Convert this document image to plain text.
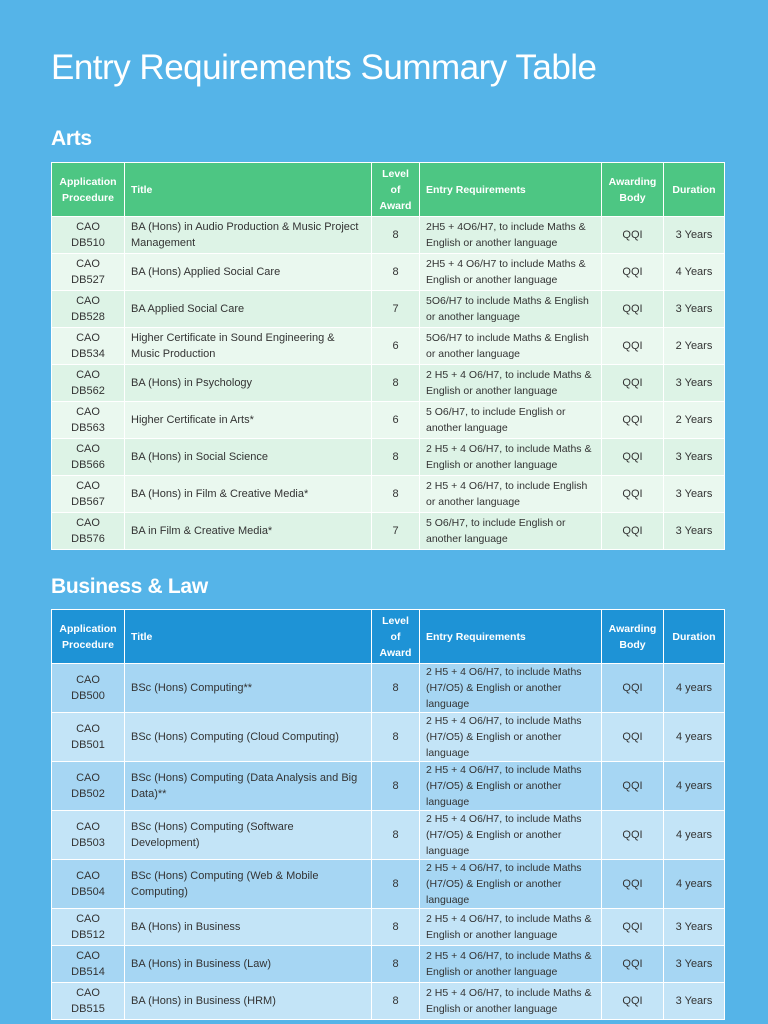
Entry Requirements Summary Table
Arts
Application Procedure	Title	Level of Award	Entry Requirements	Awarding Body	Duration
CAO DB510	BA (Hons) in Audio Production & Music Project Management	8	2H5 + 4O6/H7, to include Maths & English or another language	QQI	3 Years
CAO DB527	BA (Hons) Applied Social Care	8	2H5 + 4 O6/H7 to include Maths & English or another language	QQI	4 Years
CAO DB528	BA Applied Social Care	7	5O6/H7 to include Maths & English or another language	QQI	3 Years
CAO DB534	Higher Certificate in Sound Engineering & Music Production	6	5O6/H7 to include Maths & English or another language	QQI	2 Years
CAO DB562	BA (Hons) in Psychology	8	2 H5 + 4 O6/H7, to include Maths & English or another language	QQI	3 Years
CAO DB563	Higher Certificate in Arts*	6	5 O6/H7, to include English or another language	QQI	2 Years
CAO DB566	BA (Hons) in Social Science	8	2 H5 + 4 O6/H7, to include Maths & English or another language	QQI	3 Years
CAO DB567	BA (Hons) in Film & Creative Media*	8	2 H5 + 4 O6/H7, to include English or another language	QQI	3 Years
CAO DB576	BA in Film & Creative Media*	7	5 O6/H7, to include English or another language	QQI	3 Years
Business & Law
Application Procedure	Title	Level of Award	Entry Requirements	Awarding Body	Duration
CAO DB500	BSc (Hons) Computing**	8	2 H5 + 4 O6/H7, to include Maths (H7/O5) & English or another language	QQI	4 years
CAO DB501	BSc (Hons) Computing (Cloud Computing)	8	2 H5 + 4 O6/H7, to include Maths (H7/O5) & English or another language	QQI	4 years
CAO DB502	BSc (Hons) Computing (Data Analysis and Big Data)**	8	2 H5 + 4 O6/H7, to include Maths (H7/O5) & English or another language	QQI	4 years
CAO DB503	BSc (Hons) Computing (Software Development)	8	2 H5 + 4 O6/H7, to include Maths (H7/O5) & English or another language	QQI	4 years
CAO DB504	BSc (Hons) Computing (Web & Mobile Computing)	8	2 H5 + 4 O6/H7, to include Maths (H7/O5) & English or another language	QQI	4 years
CAO DB512	BA (Hons) in Business	8	2 H5 + 4 O6/H7, to include Maths & English or another language	QQI	3 Years
CAO DB514	BA (Hons) in Business (Law)	8	2 H5 + 4 O6/H7, to include Maths & English or another language	QQI	3 Years
CAO DB515	BA (Hons) in Business (HRM)	8	2 H5 + 4 O6/H7, to include Maths & English or another language	QQI	3 Years
